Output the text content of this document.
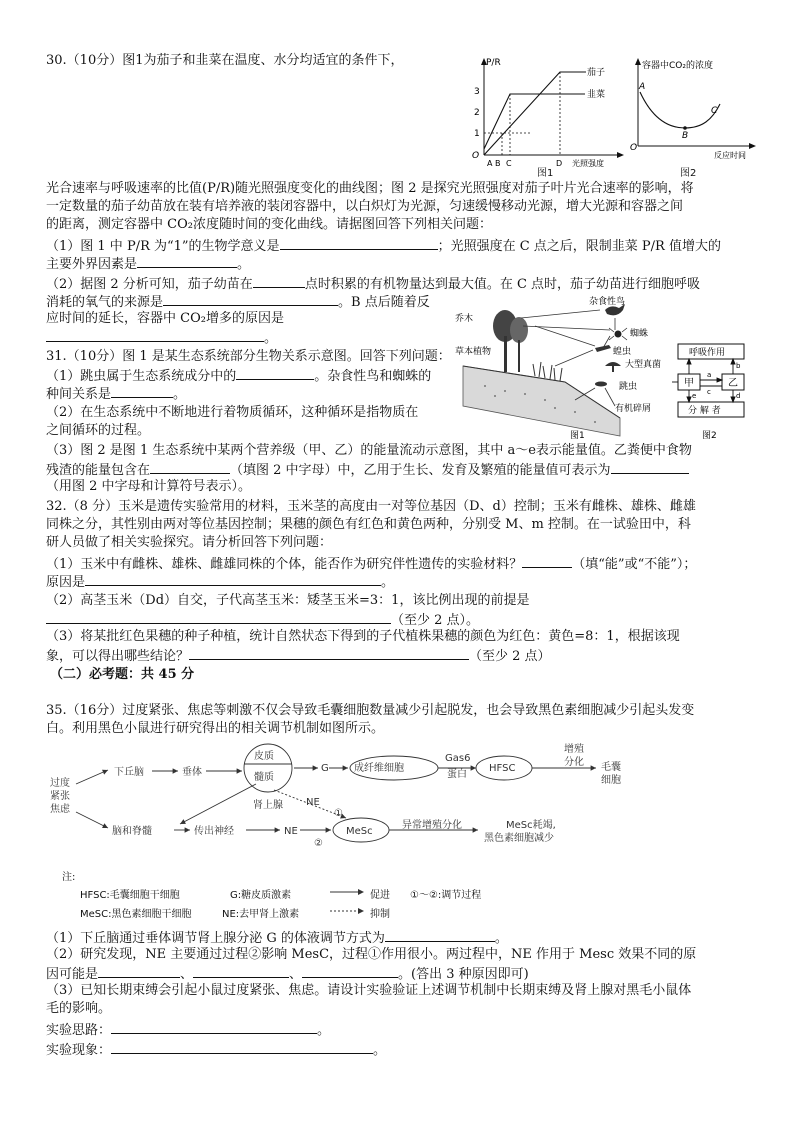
30.（10分）图1为茄子和韭菜在温度、水分均适宜的条件下，	P/R
O
1
2
3
茄子
韭菜
A B C	D 光照强度
图1
容器中CO₂的浓度
O
A
B
C
反应时间
图2
光合速率与呼吸速率的比值(P/R)随光照强度变化的曲线图；图 2 是探究光照强度对茄子叶片光合速率的影响，将
一定数量的茄子幼苗放在装有培养液的装闭容器中，以白炽灯为光源，匀速缓慢移动光源，增大光源和容器之间
的距离，测定容器中 CO₂浓度随时间的变化曲线。请据图回答下列相关问题：
（1）图 1 中 P/R 为“1”的生物学意义是	；光照强度在 C 点之后，限制韭菜 P/R 值增大的
主要外界因素是	。
（2）据图 2 分析可知，茄子幼苗在	点时积累的有机物量达到最大值。在 C 点时，茄子幼苗进行细胞呼吸
消耗的氧气的来源是	。B 点后随着反
应时间的延长，容器中 CO₂增多的原因是
。
31.（10分）图 1 是某生态系统部分生物关系示意图。回答下列问题：
（1）跳虫属于生态系统成分中的	。杂食性鸟和蜘蛛的
种间关系是	。
（2）在生态系统中不断地进行着物质循环，这种循环是指物质在
之间循环的过程。
杂食性鸟
乔木
草本植物
蜘蛛
蝗虫
大型真菌
跳虫
有机碎屑
图1
呼吸作用
甲	乙
分 解 者
a
b
c	d
e
图2
（3）图 2 是图 1 生态系统中某两个营养级（甲、乙）的能量流动示意图，其中 a～e表示能量值。乙粪便中食物
残渣的能量包含在	（填图 2 中字母）中，乙用于生长、发育及繁殖的能量值可表示为
（用图 2 中字母和计算符号表示）。
32.（8 分）玉米是遗传实验常用的材料，玉米茎的高度由一对等位基因（D、d）控制；玉米有雌株、雄株、雌雄
同株之分，其性别由两对等位基因控制；果穗的颜色有红色和黄色两种，分别受 M、m 控制。在一试验田中，科
研人员做了相关实验探究。请分析回答下列问题：
（1）玉米中有雌株、雄株、雌雄同株的个体，能否作为研究伴性遗传的实验材料？	（填“能”或“不能”）；
原因是	。
（2）高茎玉米（Dd）自交，子代高茎玉米：矮茎玉米=3：1，该比例出现的前提是
（至少 2 点）。
（3）将某批红色果穗的种子种植，统计自然状态下得到的子代植株果穗的颜色为红色：黄色=8：1，根据该现
象，可以得出哪些结论？	（至少 2 点）
（二）必考题：共 45 分
35.（16分）过度紧张、焦虑等刺激不仅会导致毛囊细胞数量减少引起脱发，也会导致黑色素细胞减少引起头发变
白。利用黑色小鼠进行研究得出的相关调节机制如图所示。
过度
紧张
焦虑
下丘脑	垂体
皮质
髓质
肾上腺
G	成纤维细胞
Gas6
蛋白
HFSC
增殖
分化 毛囊
细胞
NE
①
脑和脊髓	传出神经	NE
②
MeSc
异常增殖分化	MeSc耗竭,
黑色素细胞减少
注:
HFSC:毛囊细胞干细胞	G:糖皮质激素	促进 ①～②:调节过程
MeSC:黑色素细胞干细胞	NE:去甲肾上激素	抑制
（1）下丘脑通过垂体调节肾上腺分泌 G 的体液调节方式为	。
（2）研究发现，NE 主要通过过程②影响 MesC，过程①作用很小。两过程中，NE 作用于 Mesc 效果不同的原
因可能是	、	、	。(答出 3 种原因即可)
（3）已知长期束缚会引起小鼠过度紧张、焦虑。请设计实验验证上述调节机制中长期束缚及肾上腺对黑毛小鼠体
毛的影响。
实验思路：	。
实验现象：	。
